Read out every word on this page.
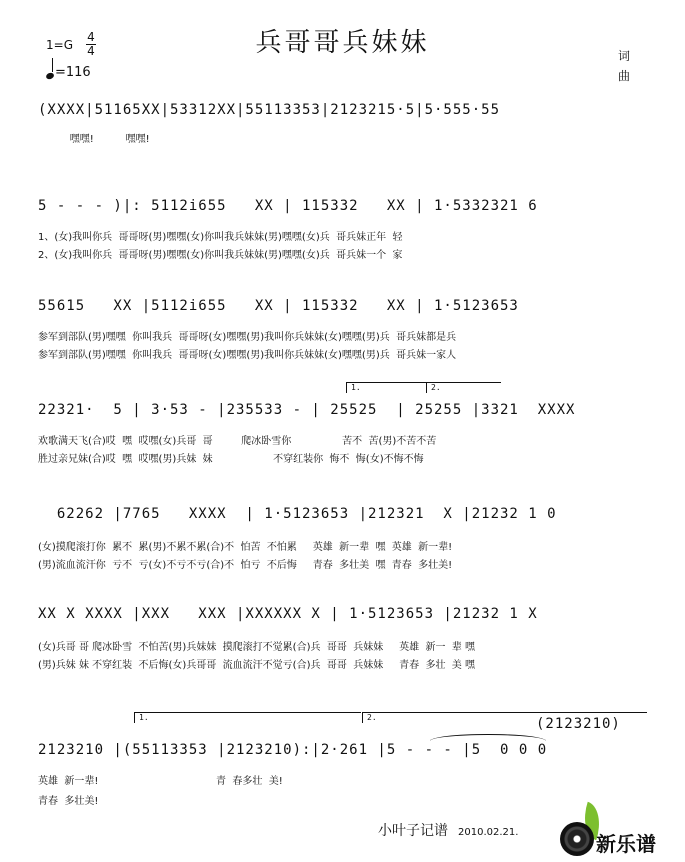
兵哥哥兵妹妹
1=G
4
4
=116
词
曲
(XXXX|51165XX|53312XX|55113353|2123215·5|5·555·55
嘿嘿!          嘿嘿!
5 - - - )|: 5112i655   XX | 115332   XX | 1·5332321 6
1、(女)我叫你兵  哥哥呀(男)嘿嘿(女)你叫我兵妹妹(男)嘿嘿(女)兵  哥兵妹正年  轻
2、(女)我叫你兵  哥哥呀(男)嘿嘿(女)你叫我兵妹妹(男)嘿嘿(女)兵  哥兵妹一个  家
55615   XX |5112i655   XX | 115332   XX | 1·5123653
参军到部队(男)嘿嘿  你叫我兵  哥哥呀(女)嘿嘿(男)我叫你兵妹妹(女)嘿嘿(男)兵  哥兵妹都是兵
参军到部队(男)嘿嘿  你叫我兵  哥哥呀(女)嘿嘿(男)我叫你兵妹妹(女)嘿嘿(男)兵  哥兵妹一家人
1.	2.
22321·  5 | 3·53 - |235533 - | 25525  | 25255 |3321  XXXX
欢歌满天飞(合)哎  嘿  哎嘿(女)兵哥  哥         爬冰卧雪你                苦不  苦(男)不苦不苦
胜过亲兄妹(合)哎  嘿  哎嘿(男)兵妹  妹                   不穿红装你  悔不  悔(女)不悔不悔
62262 |7765   XXXX  | 1·5123653 |212321  X |21232 1 0
(女)摸爬滚打你  累不  累(男)不累不累(合)不  怕苦  不怕累     英雄  新一辈  嘿  英雄  新一辈!
(男)流血流汗你  亏不  亏(女)不亏不亏(合)不  怕亏  不后悔     青春  多壮美  嘿  青春  多壮美!
XX X XXXX |XXX   XXX |XXXXXX X | 1·5123653 |21232 1 X
(女)兵哥 哥 爬冰卧雪  不怕苦(男)兵妹妹  摸爬滚打不觉累(合)兵  哥哥  兵妹妹     英雄  新一  辈 嘿
(男)兵妹 妹 不穿红装  不后悔(女)兵哥哥  流血流汗不觉亏(合)兵  哥哥  兵妹妹     青春  多壮  美 嘿
1.	2.	(2123210)
2123210 |(55113353 |2123210):|2·261 |5 - - - |5  0 0 0
英雄  新一辈!                                     青  春多壮  美!
青春  多壮美!
小叶子记谱 2010.02.21.	新乐谱
